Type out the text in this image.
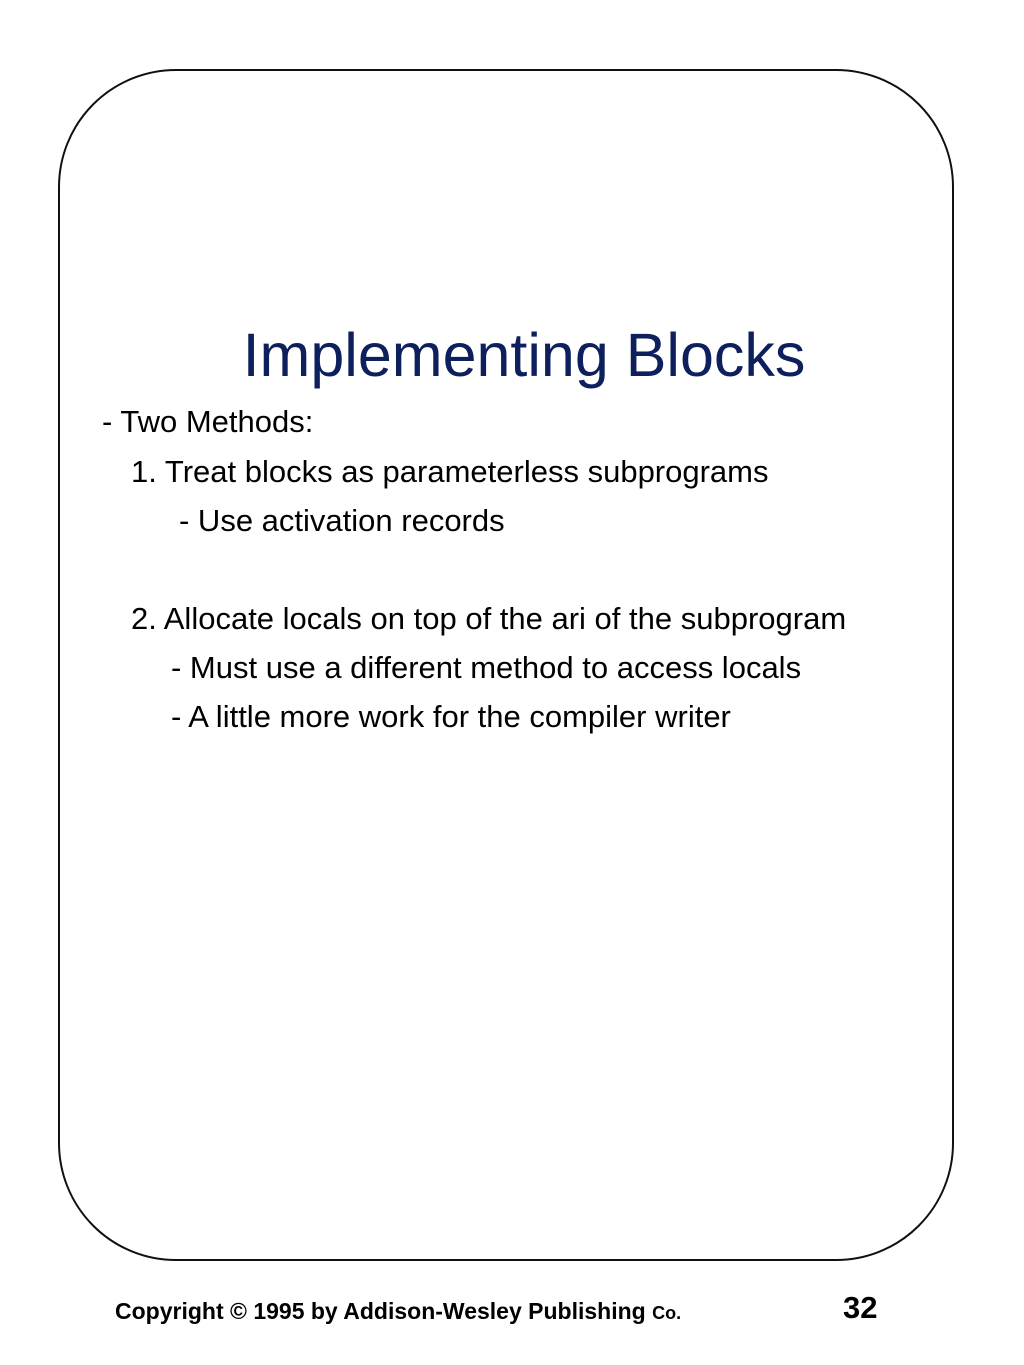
Implementing Blocks

- Two Methods:

1. Treat blocks as parameterless subprograms

- Use activation records

2. Allocate locals on top of the ari of the subprogram

- Must use a different method to access locals

- A little more work for the compiler writer

Copyright © 1995 by Addison-Wesley Publishing Co.	32
